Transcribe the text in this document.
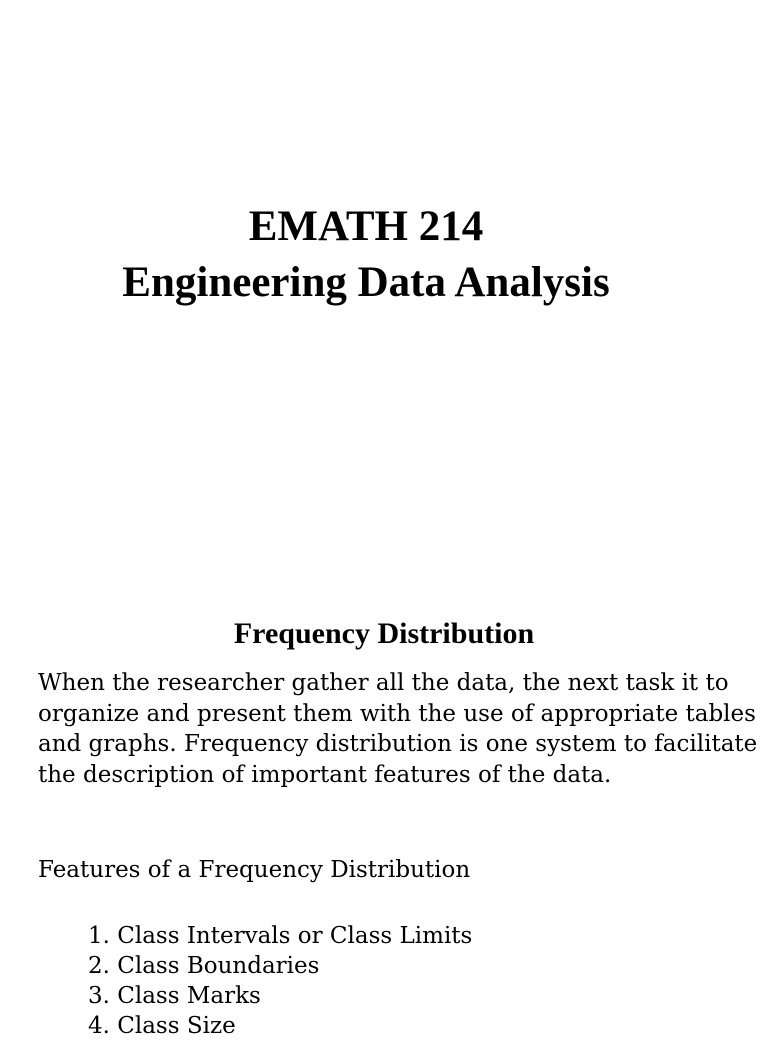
EMATH 214
Engineering Data Analysis
Frequency Distribution

When the researcher gather all the data, the next task it to organize and present them with the use of appropriate tables and graphs. Frequency distribution is one system to facilitate the description of important features of the data.

Features of a Frequency Distribution

1. Class Intervals or Class Limits
2. Class Boundaries
3. Class Marks
4. Class Size
